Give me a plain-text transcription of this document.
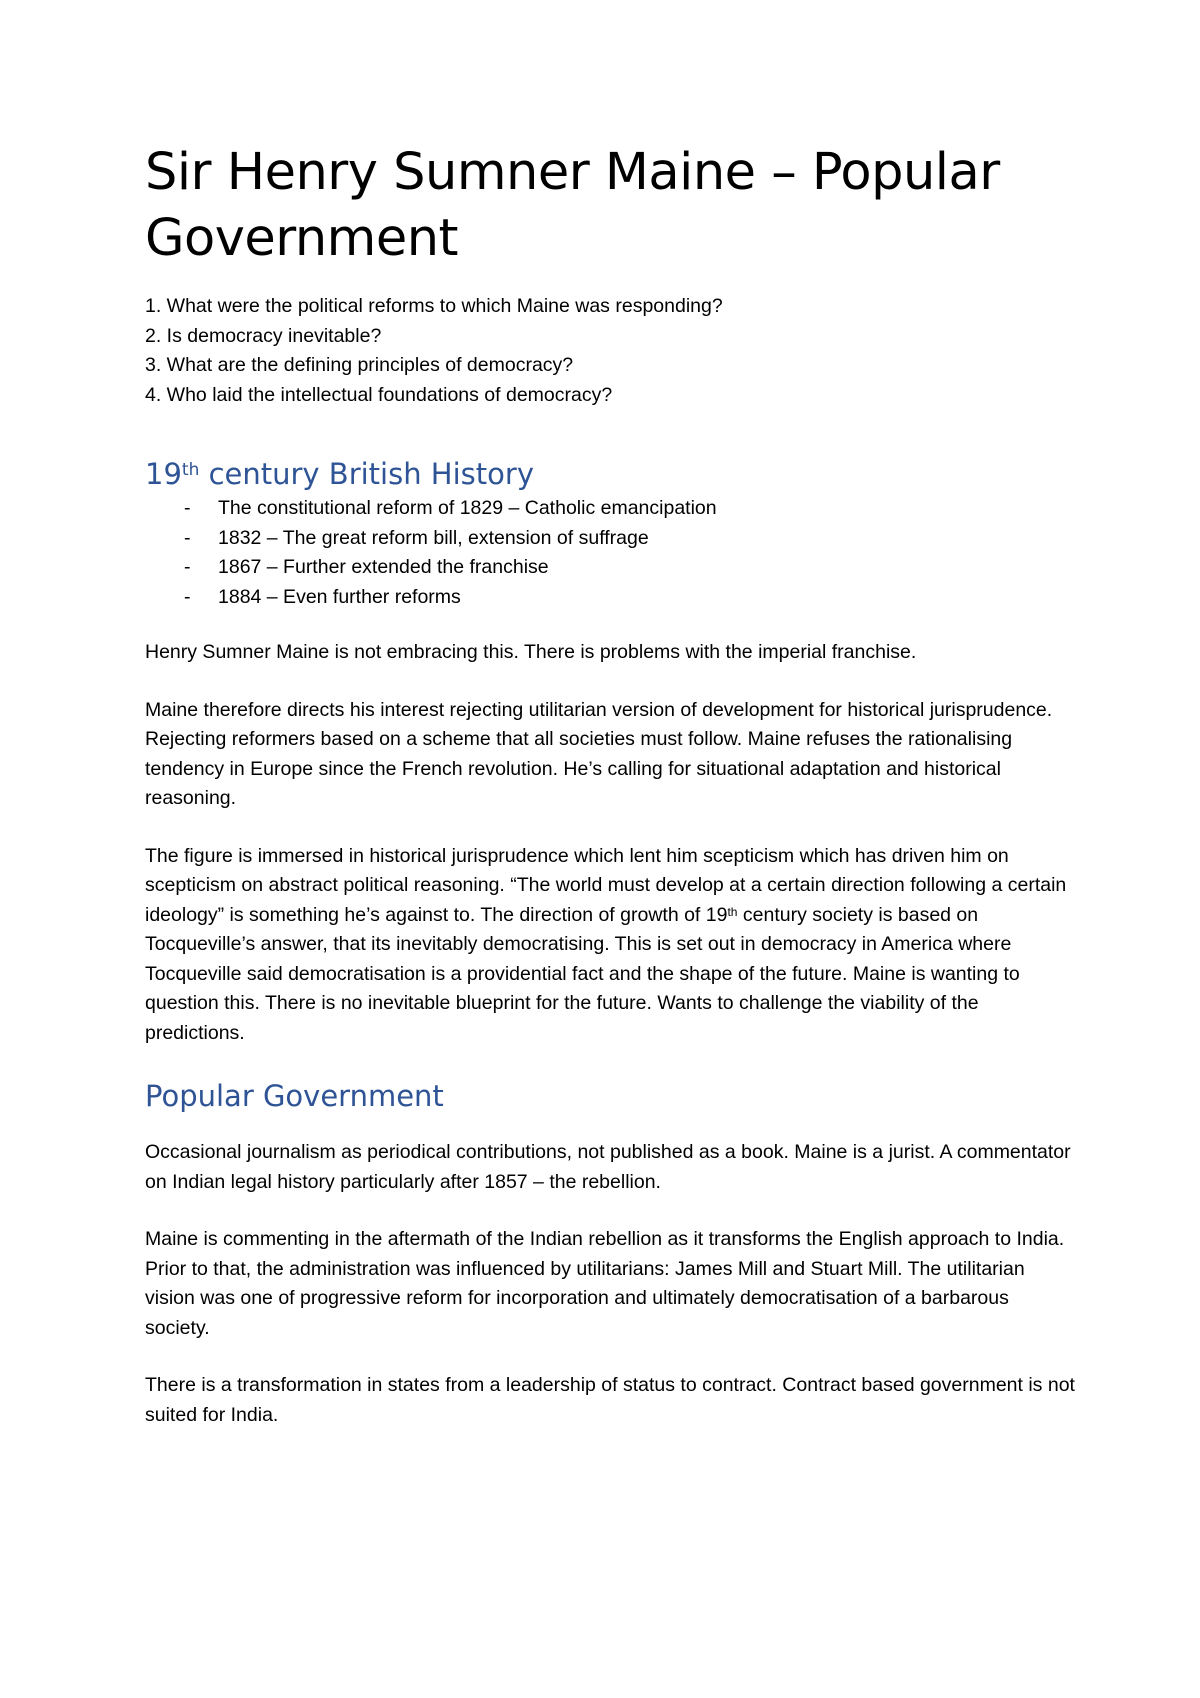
Sir Henry Sumner Maine – Popular Government
1. What were the political reforms to which Maine was responding?
2. Is democracy inevitable?
3. What are the defining principles of democracy?
4. Who laid the intellectual foundations of democracy?
19th century British History
- The constitutional reform of 1829 – Catholic emancipation
- 1832 – The great reform bill, extension of suffrage
- 1867 – Further extended the franchise
- 1884 – Even further reforms

Henry Sumner Maine is not embracing this. There is problems with the imperial franchise.

Maine therefore directs his interest rejecting utilitarian version of development for historical jurisprudence. Rejecting reformers based on a scheme that all societies must follow. Maine refuses the rationalising tendency in Europe since the French revolution. He’s calling for situational adaptation and historical reasoning.

The figure is immersed in historical jurisprudence which lent him scepticism which has driven him on scepticism on abstract political reasoning. “The world must develop at a certain direction following a certain ideology” is something he’s against to. The direction of growth of 19th century society is based on Tocqueville’s answer, that its inevitably democratising. This is set out in democracy in America where Tocqueville said democratisation is a providential fact and the shape of the future. Maine is wanting to question this. There is no inevitable blueprint for the future. Wants to challenge the viability of the predictions.

Popular Government

Occasional journalism as periodical contributions, not published as a book. Maine is a jurist. A commentator on Indian legal history particularly after 1857 – the rebellion.

Maine is commenting in the aftermath of the Indian rebellion as it transforms the English approach to India. Prior to that, the administration was influenced by utilitarians: James Mill and Stuart Mill. The utilitarian vision was one of progressive reform for incorporation and ultimately democratisation of a barbarous society.

There is a transformation in states from a leadership of status to contract. Contract based government is not suited for India.
